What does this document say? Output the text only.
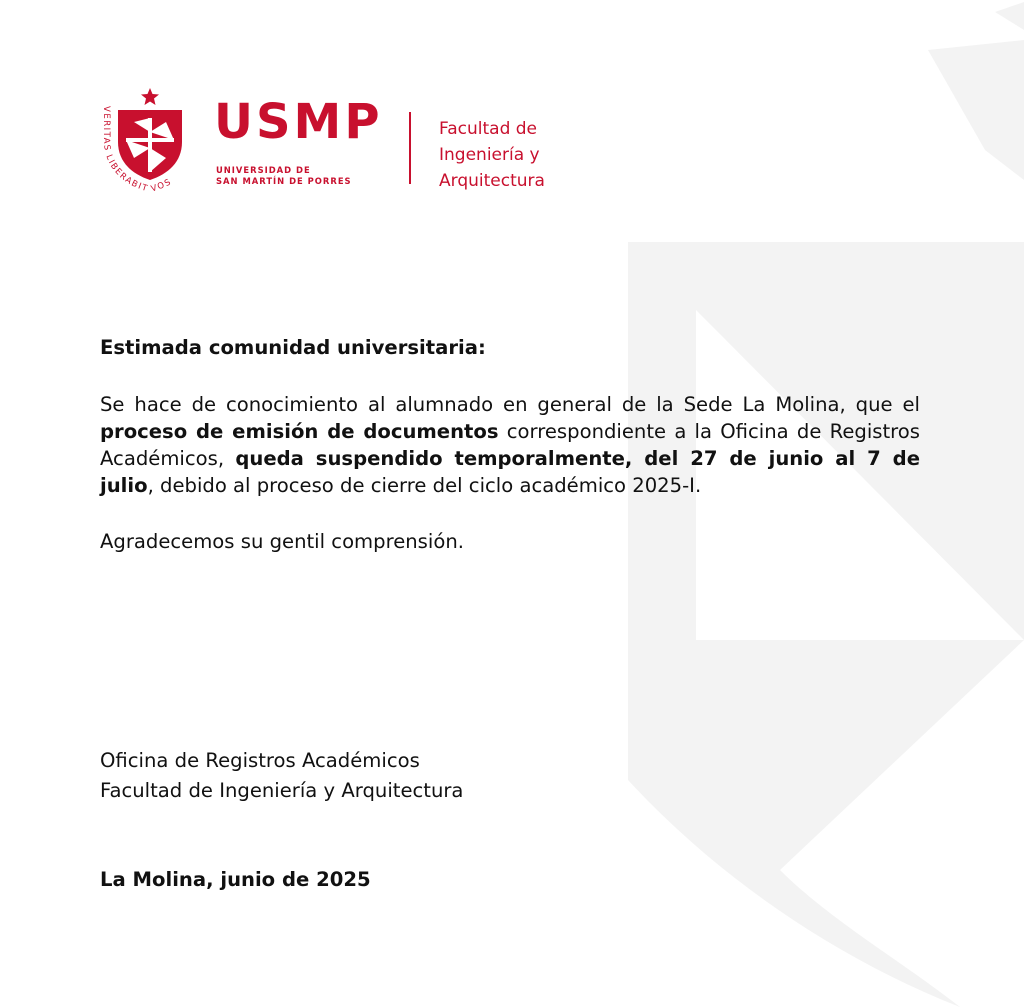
VERITAS LIBERABIT VOS
USMP
UNIVERSIDAD DE
SAN MARTÍN DE PORRES
Facultad de
Ingeniería y
Arquitectura

Estimada comunidad universitaria:

Se hace de conocimiento al alumnado en general de la Sede La Molina, que el proceso de emisión de documentos correspondiente a la Oficina de Registros Académicos, queda suspendido temporalmente, del 27 de junio al 7 de julio, debido al proceso de cierre del ciclo académico 2025-I.

Agradecemos su gentil comprensión.

Oficina de Registros Académicos
Facultad de Ingeniería y Arquitectura
La Molina, junio de 2025
